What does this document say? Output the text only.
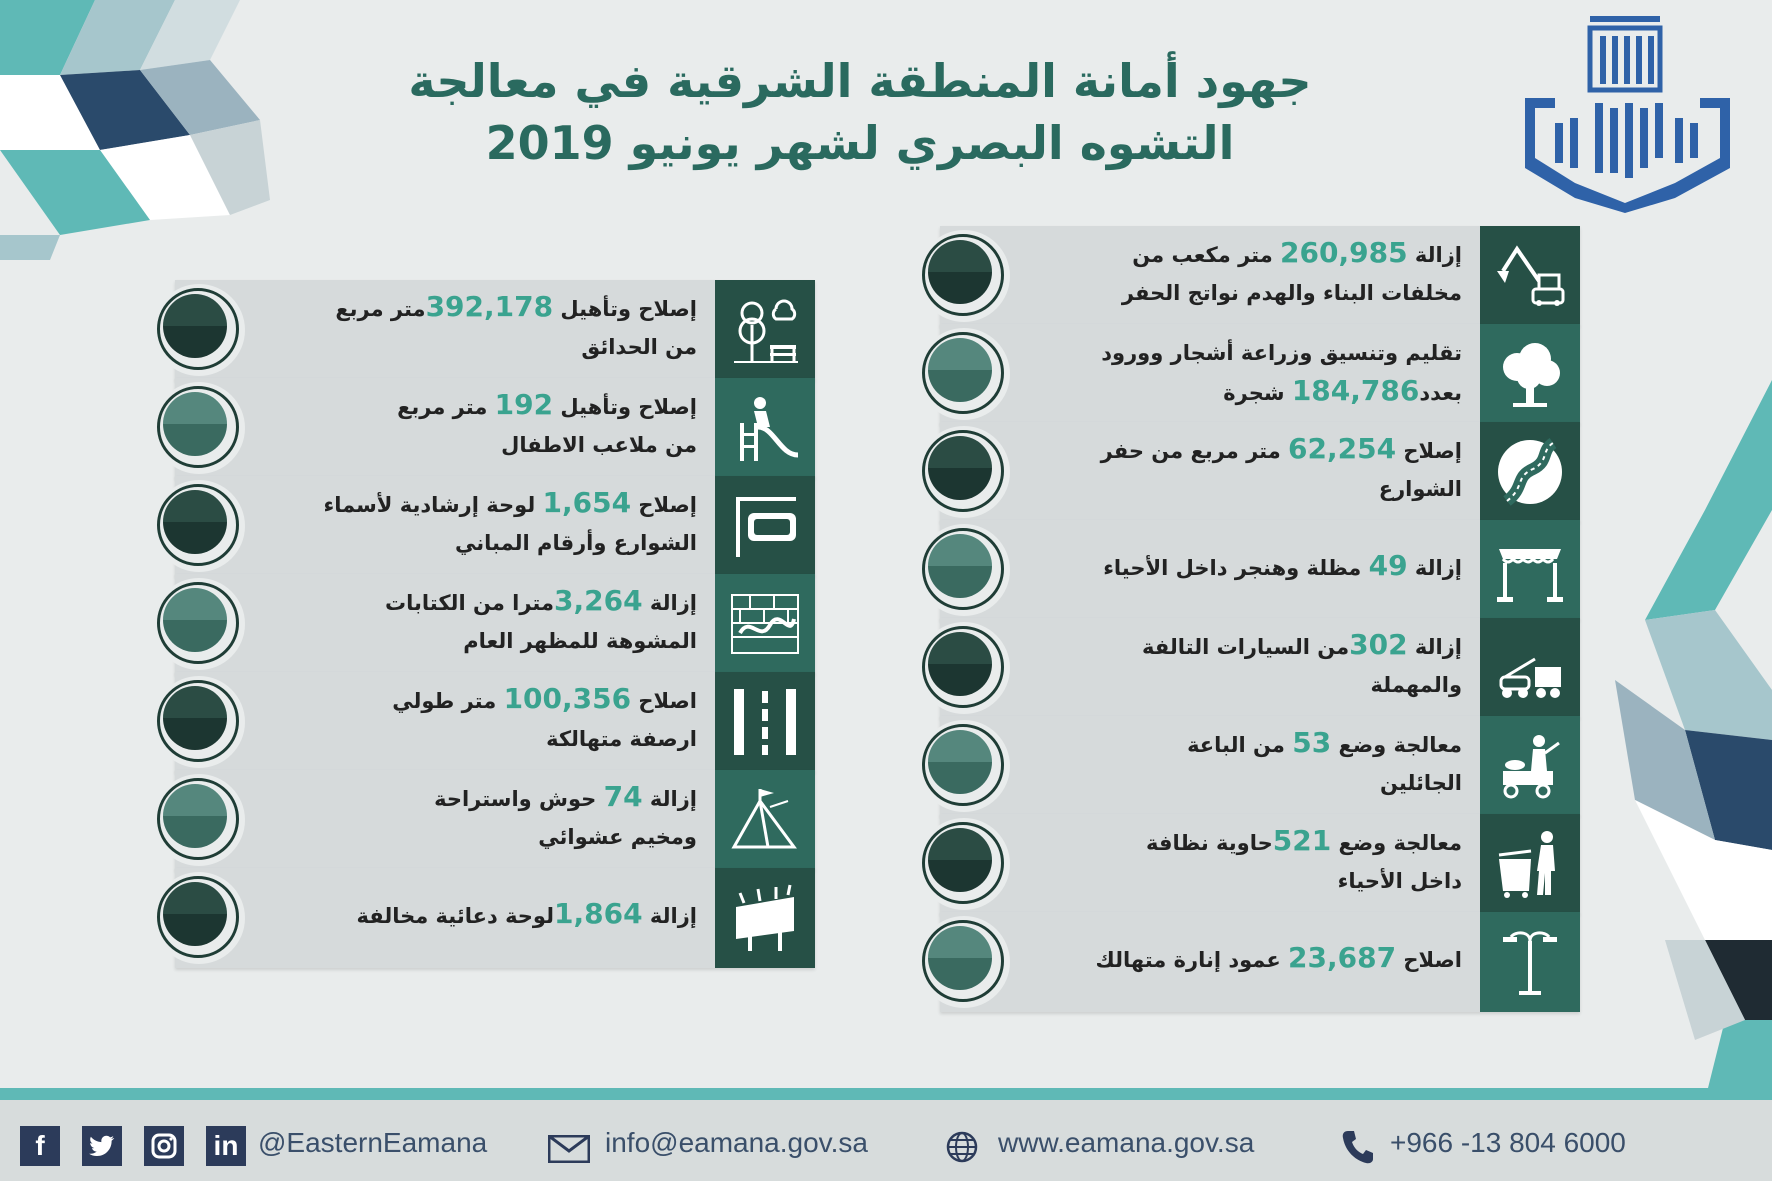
جهود أمانة المنطقة الشرقية في معالجة
التشوه البصري لشهر يونيو 2019
إزالة 260,985 متر مكعب من
مخلفات البناء والهدم نواتج الحفر
تقليم وتنسيق وزراعة أشجار وورود
بعدد184,786 شجرة
إصلاح 62,254 متر مربع من حفر
الشوارع
إزالة 49 مظلة وهنجر داخل الأحياء
إزالة 302من السيارات التالفة
والمهملة
معالجة وضع 53 من الباعة
الجائلين
معالجة وضع 521حاوية نظافة
داخل الأحياء
اصلاح 23,687 عمود إنارة متهالك
إصلاح وتأهيل 392,178متر مربع
من الحدائق
إصلاح وتأهيل 192 متر مربع
من ملاعب الاطفال
إصلاح 1,654 لوحة إرشادية لأسماء
الشوارع وأرقام المباني
إزالة 3,264مترا من الكتابات
المشوهة للمظهر العام
اصلاح 100,356 متر طولي
ارصفة متهالكة
إزالة 74 حوش واستراحة
ومخيم عشوائي
إزالة 1,864لوحة دعائية مخالفة
f	in @EasternEamana	info@eamana.gov.sa	www.eamana.gov.sa	+966 -13 804 6000
